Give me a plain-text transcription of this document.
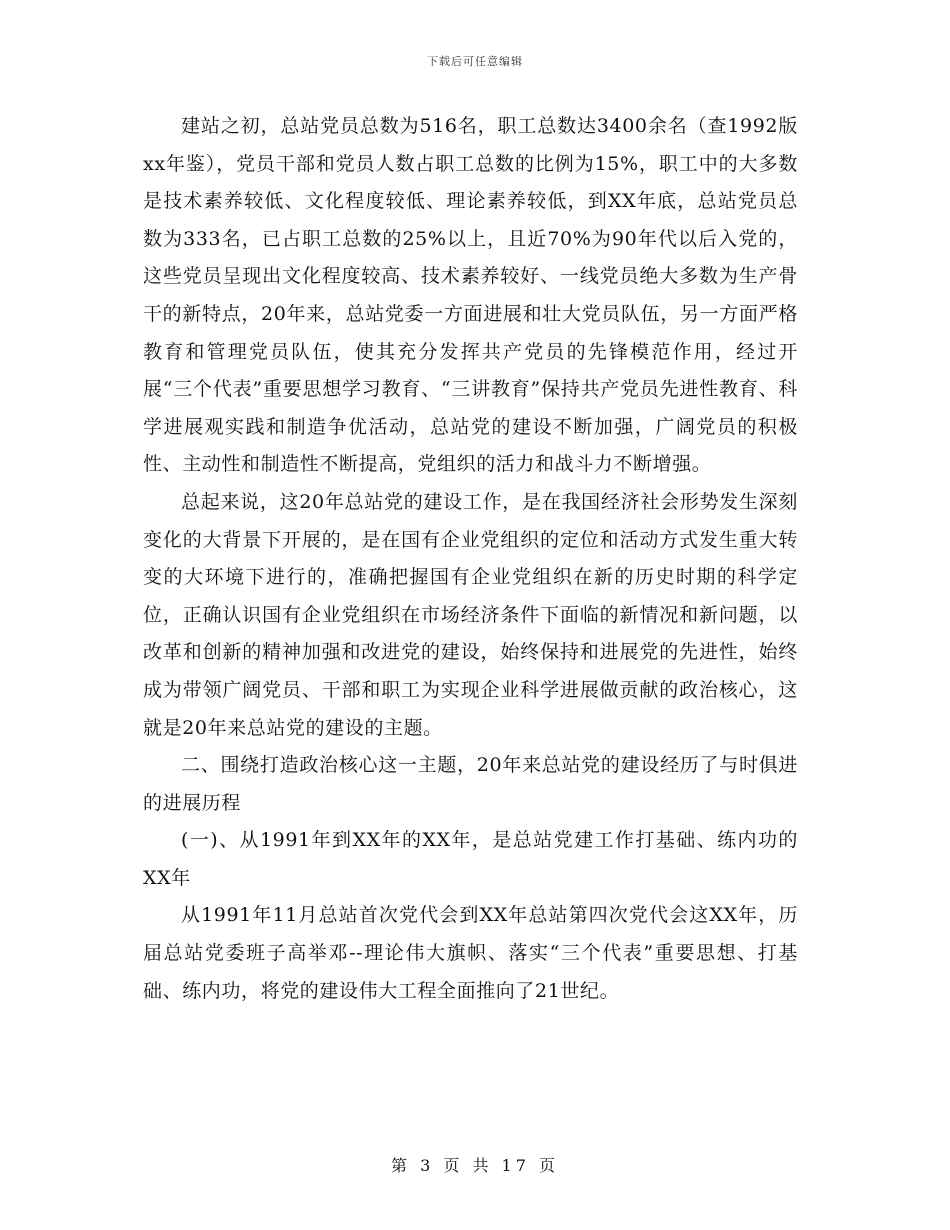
下载后可任意编辑

建站之初，总站党员总数为516名，职工总数达3400余名（查1992版xx年鉴），党员干部和党员人数占职工总数的比例为15%，职工中的大多数是技术素养较低、文化程度较低、理论素养较低，到XX年底，总站党员总数为333名，已占职工总数的25%以上，且近70%为90年代以后入党的，这些党员呈现出文化程度较高、技术素养较好、一线党员绝大多数为生产骨干的新特点，20年来，总站党委一方面进展和壮大党员队伍，另一方面严格教育和管理党员队伍，使其充分发挥共产党员的先锋模范作用，经过开展“三个代表”重要思想学习教育、“三讲教育”保持共产党员先进性教育、科学进展观实践和制造争优活动，总站党的建设不断加强，广阔党员的积极性、主动性和制造性不断提高，党组织的活力和战斗力不断增强。

总起来说，这20年总站党的建设工作，是在我国经济社会形势发生深刻变化的大背景下开展的，是在国有企业党组织的定位和活动方式发生重大转变的大环境下进行的，准确把握国有企业党组织在新的历史时期的科学定位，正确认识国有企业党组织在市场经济条件下面临的新情况和新问题，以改革和创新的精神加强和改进党的建设，始终保持和进展党的先进性，始终成为带领广阔党员、干部和职工为实现企业科学进展做贡献的政治核心，这就是20年来总站党的建设的主题。

二、围绕打造政治核心这一主题，20年来总站党的建设经历了与时俱进的进展历程

(一)、从1991年到XX年的XX年，是总站党建工作打基础、练内功的XX年

从1991年11月总站首次党代会到XX年总站第四次党代会这XX年，历届总站党委班子高举邓--理论伟大旗帜、落实“三个代表”重要思想、打基础、练内功，将党的建设伟大工程全面推向了21世纪。

第 3 页 共 17 页
